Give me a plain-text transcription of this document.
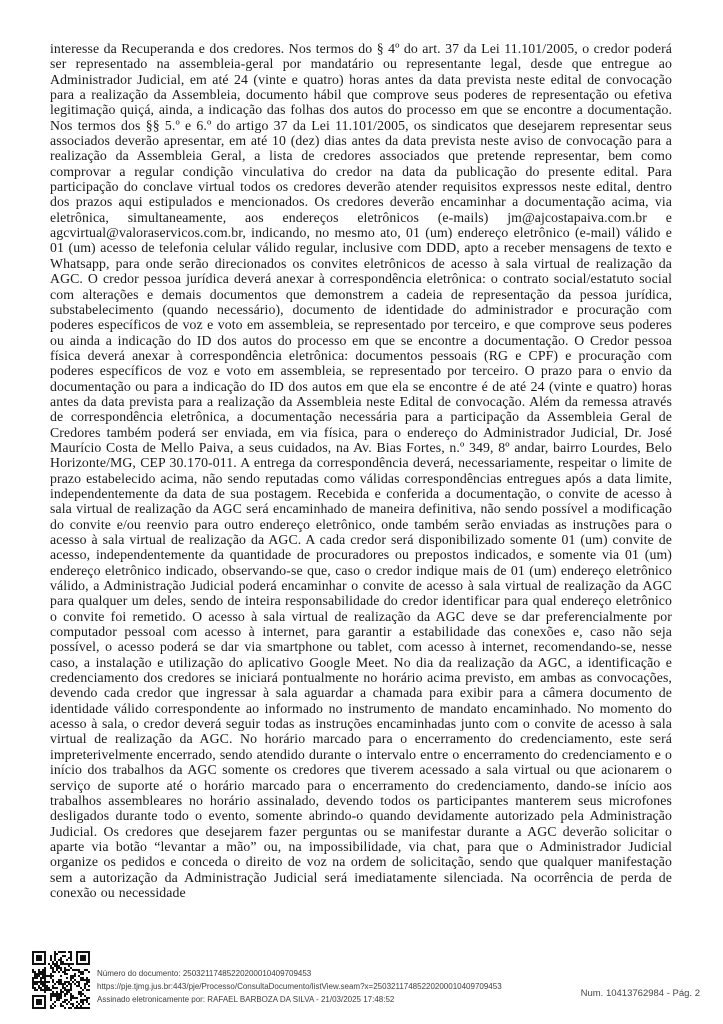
interesse da Recuperanda e dos credores. Nos termos do § 4º do art. 37 da Lei 11.101/2005, o credor poderá ser representado na assembleia-geral por mandatário ou representante legal, desde que entregue ao Administrador Judicial, em até 24 (vinte e quatro) horas antes da data prevista neste edital de convocação para a realização da Assembleia, documento hábil que comprove seus poderes de representação ou efetiva legitimação quiçá, ainda, a indicação das folhas dos autos do processo em que se encontre a documentação. Nos termos dos §§ 5.º e 6.º do artigo 37 da Lei 11.101/2005, os sindicatos que desejarem representar seus associados deverão apresentar, em até 10 (dez) dias antes da data prevista neste aviso de convocação para a realização da Assembleia Geral, a lista de credores associados que pretende representar, bem como comprovar a regular condição vinculativa do credor na data da publicação do presente edital. Para participação do conclave virtual todos os credores deverão atender requisitos expressos neste edital, dentro dos prazos aqui estipulados e mencionados. Os credores deverão encaminhar a documentação acima, via eletrônica, simultaneamente, aos endereços eletrônicos (e-mails) jm@ajcostapaiva.com.br e agcvirtual@valoraservicos.com.br, indicando, no mesmo ato, 01 (um) endereço eletrônico (e-mail) válido e 01 (um) acesso de telefonia celular válido regular, inclusive com DDD, apto a receber mensagens de texto e Whatsapp, para onde serão direcionados os convites eletrônicos de acesso à sala virtual de realização da AGC. O credor pessoa jurídica deverá anexar à correspondência eletrônica: o contrato social/estatuto social com alterações e demais documentos que demonstrem a cadeia de representação da pessoa jurídica, substabelecimento (quando necessário), documento de identidade do administrador e procuração com poderes específicos de voz e voto em assembleia, se representado por terceiro, e que comprove seus poderes ou ainda a indicação do ID dos autos do processo em que se encontre a documentação. O Credor pessoa física deverá anexar à correspondência eletrônica: documentos pessoais (RG e CPF) e procuração com poderes específicos de voz e voto em assembleia, se representado por terceiro. O prazo para o envio da documentação ou para a indicação do ID dos autos em que ela se encontre é de até 24 (vinte e quatro) horas antes da data prevista para a realização da Assembleia neste Edital de convocação. Além da remessa através de correspondência eletrônica, a documentação necessária para a participação da Assembleia Geral de Credores também poderá ser enviada, em via física, para o endereço do Administrador Judicial, Dr. José Maurício Costa de Mello Paiva, a seus cuidados, na Av. Bias Fortes, n.º 349, 8º andar, bairro Lourdes, Belo Horizonte/MG, CEP 30.170-011. A entrega da correspondência deverá, necessariamente, respeitar o limite de prazo estabelecido acima, não sendo reputadas como válidas correspondências entregues após a data limite, independentemente da data de sua postagem. Recebida e conferida a documentação, o convite de acesso à sala virtual de realização da AGC será encaminhado de maneira definitiva, não sendo possível a modificação do convite e/ou reenvio para outro endereço eletrônico, onde também serão enviadas as instruções para o acesso à sala virtual de realização da AGC. A cada credor será disponibilizado somente 01 (um) convite de acesso, independentemente da quantidade de procuradores ou prepostos indicados, e somente via 01 (um) endereço eletrônico indicado, observando-se que, caso o credor indique mais de 01 (um) endereço eletrônico válido, a Administração Judicial poderá encaminhar o convite de acesso à sala virtual de realização da AGC para qualquer um deles, sendo de inteira responsabilidade do credor identificar para qual endereço eletrônico o convite foi remetido. O acesso à sala virtual de realização da AGC deve se dar preferencialmente por computador pessoal com acesso à internet, para garantir a estabilidade das conexões e, caso não seja possível, o acesso poderá se dar via smartphone ou tablet, com acesso à internet, recomendando-se, nesse caso, a instalação e utilização do aplicativo Google Meet. No dia da realização da AGC, a identificação e credenciamento dos credores se iniciará pontualmente no horário acima previsto, em ambas as convocações, devendo cada credor que ingressar à sala aguardar a chamada para exibir para a câmera documento de identidade válido correspondente ao informado no instrumento de mandato encaminhado. No momento do acesso à sala, o credor deverá seguir todas as instruções encaminhadas junto com o convite de acesso à sala virtual de realização da AGC. No horário marcado para o encerramento do credenciamento, este será impreterivelmente encerrado, sendo atendido durante o intervalo entre o encerramento do credenciamento e o início dos trabalhos da AGC somente os credores que tiverem acessado a sala virtual ou que acionarem o serviço de suporte até o horário marcado para o encerramento do credenciamento, dando-se início aos trabalhos assembleares no horário assinalado, devendo todos os participantes manterem seus microfones desligados durante todo o evento, somente abrindo-o quando devidamente autorizado pela Administração Judicial. Os credores que desejarem fazer perguntas ou se manifestar durante a AGC deverão solicitar o aparte via botão “levantar a mão” ou, na impossibilidade, via chat, para que o Administrador Judicial organize os pedidos e conceda o direito de voz na ordem de solicitação, sendo que qualquer manifestação sem a autorização da Administração Judicial será imediatamente silenciada. Na ocorrência de perda de conexão ou necessidade

Número do documento: 25032117485220200010409709453
https://pje.tjmg.jus.br:443/pje/Processo/ConsultaDocumento/listView.seam?x=25032117485220200010409709453
Assinado eletronicamente por: RAFAEL BARBOZA DA SILVA - 21/03/2025 17:48:52
Num. 10413762984 - Pág. 2
